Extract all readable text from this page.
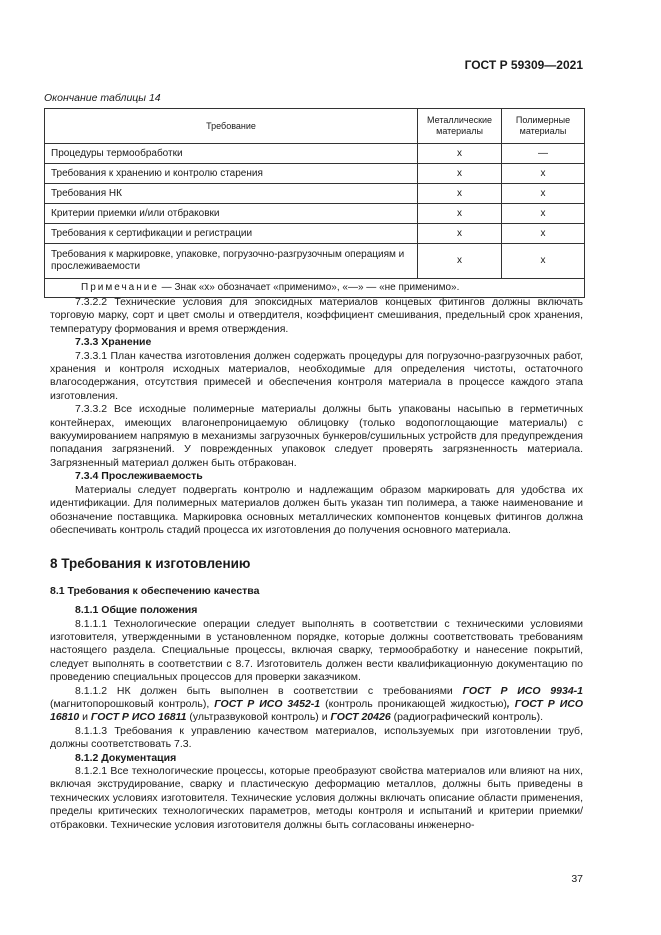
ГОСТ Р 59309—2021
Окончание таблицы 14
Требование	Металлические материалы	Полимерные материалы
Процедуры термообработки	x	—
Требования к хранению и контролю старения	x	x
Требования НК	x	x
Критерии приемки и/или отбраковки	x	x
Требования к сертификации и регистрации	x	x
Требования к маркировке, упаковке, погрузочно-разгрузочным операциям и прослеживаемости	x	x
Примечание — Знак «x» обозначает «применимо», «—» — «не применимо».		

7.3.2.2 Технические условия для эпоксидных материалов концевых фитингов должны включать торговую марку, сорт и цвет смолы и отвердителя, коэффициент смешивания, предельный срок хранения, температуру формования и время отверждения.

7.3.3 Хранение

7.3.3.1 План качества изготовления должен содержать процедуры для погрузочно-разгрузочных работ, хранения и контроля исходных материалов, необходимые для определения чистоты, остаточного влагосодержания, отсутствия примесей и обеспечения контроля материала в процессе каждого этапа изготовления.

7.3.3.2 Все исходные полимерные материалы должны быть упакованы насыпью в герметичных контейнерах, имеющих влагонепроницаемую облицовку (только водопоглощающие материалы) с вакуумированием напрямую в механизмы загрузочных бункеров/сушильных устройств для предупреждения попадания загрязнений. У поврежденных упаковок следует проверять загрязненность материала. Загрязненный материал должен быть отбракован.

7.3.4 Прослеживаемость

Материалы следует подвергать контролю и надлежащим образом маркировать для удобства их идентификации. Для полимерных материалов должен быть указан тип полимера, а также наименование и обозначение поставщика. Маркировка основных металлических компонентов концевых фитингов должна обеспечивать контроль стадий процесса их изготовления до получения основного материала.

8 Требования к изготовлению
8.1 Требования к обеспечению качества
8.1.1 Общие положения

8.1.1.1 Технологические операции следует выполнять в соответствии с техническими условиями изготовителя, утвержденными в установленном порядке, которые должны соответствовать требованиям настоящего раздела. Специальные процессы, включая сварку, термообработку и нанесение покрытий, следует выполнять в соответствии с 8.7. Изготовитель должен вести квалификационную документацию по проведению специальных процессов для проверки заказчиком.

8.1.1.2 НК должен быть выполнен в соответствии с требованиями ГОСТ Р ИСО 9934-1 (магнитопорошковый контроль), ГОСТ Р ИСО 3452-1 (контроль проникающей жидкостью), ГОСТ Р ИСО 16810 и ГОСТ Р ИСО 16811 (ультразвуковой контроль) и ГОСТ 20426 (радиографический контроль).

8.1.1.3 Требования к управлению качеством материалов, используемых при изготовлении труб, должны соответствовать 7.3.

8.1.2 Документация

8.1.2.1 Все технологические процессы, которые преобразуют свойства материалов или влияют на них, включая экструдирование, сварку и пластическую деформацию металлов, должны быть приведены в технических условиях изготовителя. Технические условия должны включать описание области применения, пределы критических технологических параметров, методы контроля и испытаний и критерии приемки/отбраковки. Технические условия изготовителя должны быть согласованы инженерно-

37
